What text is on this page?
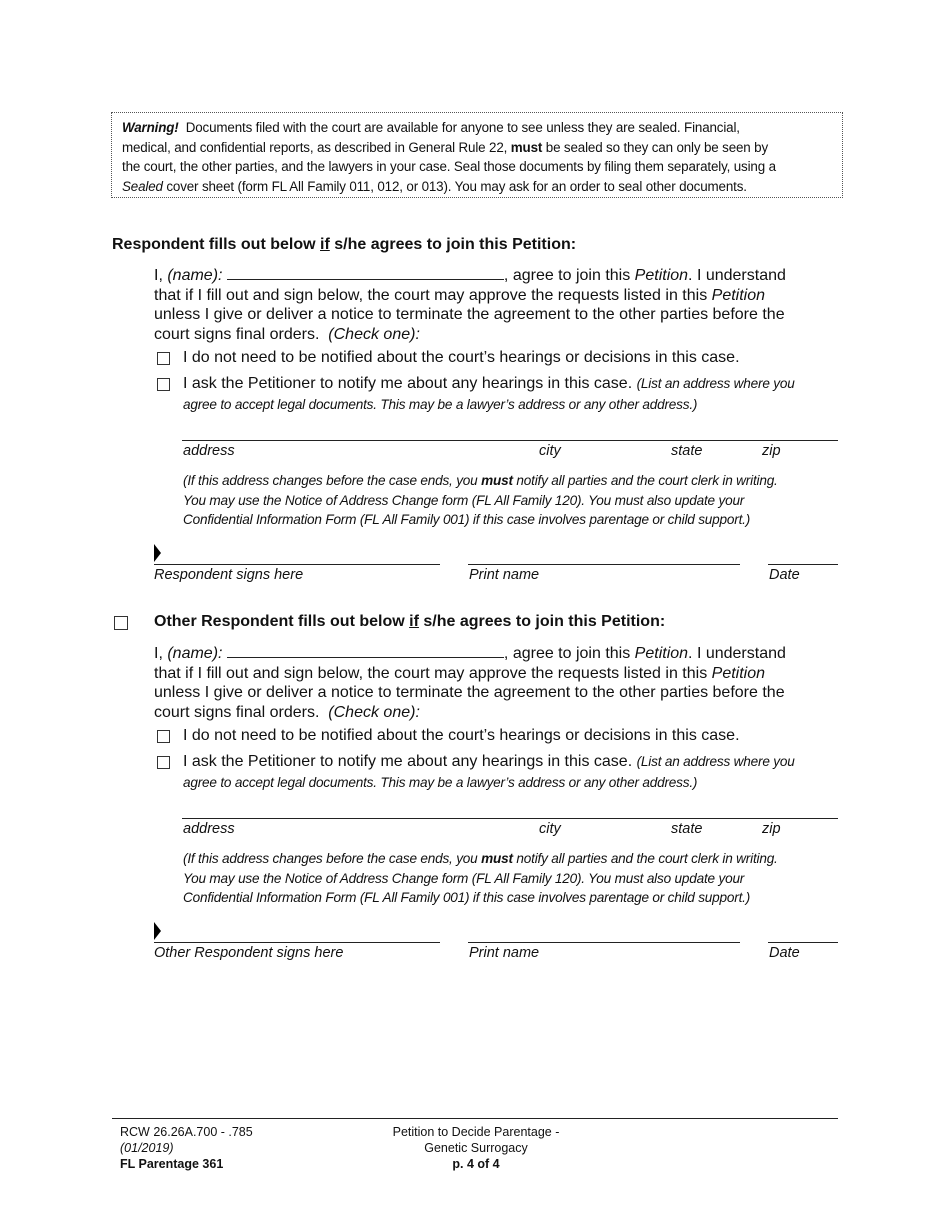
Warning! Documents filed with the court are available for anyone to see unless they are sealed. Financial,
medical, and confidential reports, as described in General Rule 22, must be sealed so they can only be seen by
the court, the other parties, and the lawyers in your case. Seal those documents by filing them separately, using a
Sealed cover sheet (form FL All Family 011, 012, or 013). You may ask for an order to seal other documents.
Respondent fills out below if s/he agrees to join this Petition:
I, (name):	, agree to join this Petition. I understand
that if I fill out and sign below, the court may approve the requests listed in this Petition
unless I give or deliver a notice to terminate the agreement to the other parties before the
court signs final orders. (Check one):
I do not need to be notified about the court’s hearings or decisions in this case.
I ask the Petitioner to notify me about any hearings in this case. (List an address where you
agree to accept legal documents. This may be a lawyer’s address or any other address.)
address	city	state	zip
(If this address changes before the case ends, you must notify all parties and the court clerk in writing.
You may use the Notice of Address Change form (FL All Family 120). You must also update your
Confidential Information Form (FL All Family 001) if this case involves parentage or child support.)
Respondent signs here	Print name	Date
Other Respondent fills out below if s/he agrees to join this Petition:
I, (name):	, agree to join this Petition. I understand
that if I fill out and sign below, the court may approve the requests listed in this Petition
unless I give or deliver a notice to terminate the agreement to the other parties before the
court signs final orders. (Check one):
I do not need to be notified about the court’s hearings or decisions in this case.
I ask the Petitioner to notify me about any hearings in this case. (List an address where you
agree to accept legal documents. This may be a lawyer’s address or any other address.)
address	city	state	zip
(If this address changes before the case ends, you must notify all parties and the court clerk in writing.
You may use the Notice of Address Change form (FL All Family 120). You must also update your
Confidential Information Form (FL All Family 001) if this case involves parentage or child support.)
Other Respondent signs here	Print name	Date
RCW 26.26A.700 - .785
(01/2019)
FL Parentage 361
Petition to Decide Parentage -
Genetic Surrogacy
p. 4 of 4
